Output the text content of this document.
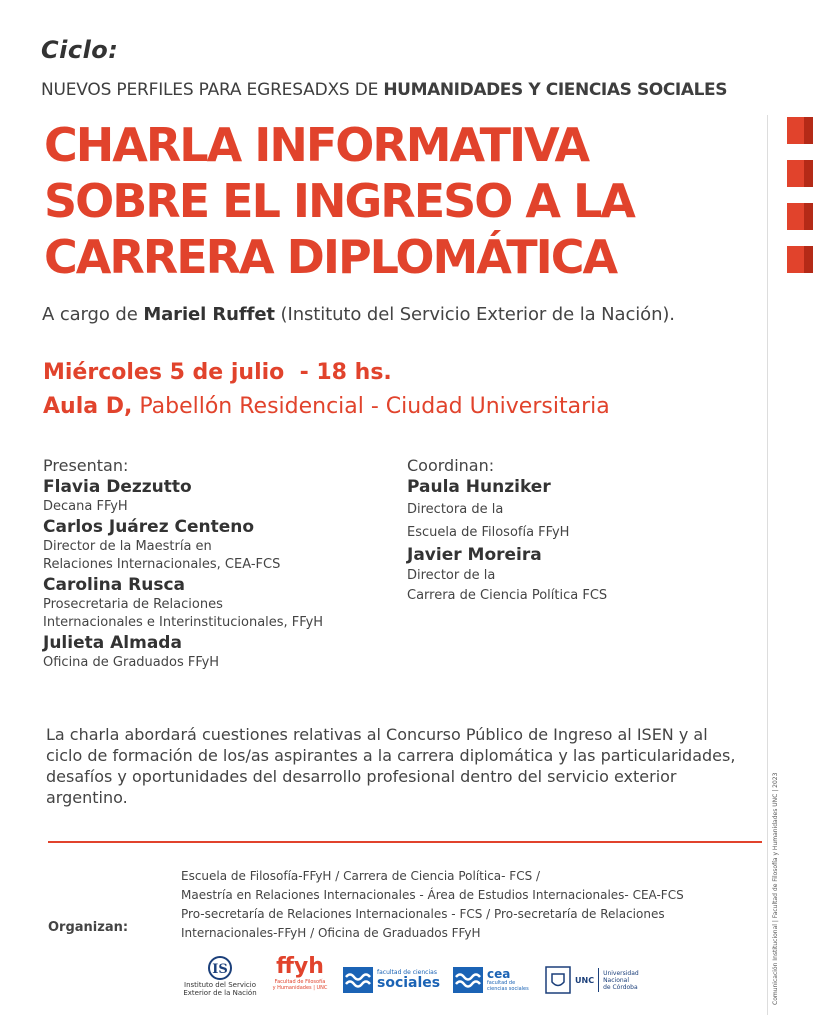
Ciclo:
NUEVOS PERFILES PARA EGRESADXS DE HUMANIDADES Y CIENCIAS SOCIALES
CHARLA INFORMATIVA
SOBRE EL INGRESO A LA
CARRERA DIPLOMÁTICA
A cargo de Mariel Ruffet (Instituto del Servicio Exterior de la Nación).
Miércoles 5 de julio  - 18 hs.
Aula D, Pabellón Residencial - Ciudad Universitaria
Presentan:
Flavia Dezzutto
Decana FFyH
Carlos Juárez Centeno
Director de la Maestría en
Relaciones Internacionales, CEA-FCS
Carolina Rusca
Prosecretaria de Relaciones
Internacionales e Interinstitucionales, FFyH
Julieta Almada
Oficina de Graduados FFyH
Coordinan:
Paula Hunziker
Directora de la
Escuela de Filosofía FFyH
Javier Moreira
Director de la
Carrera de Ciencia Política FCS
La charla abordará cuestiones relativas al Concurso Público de Ingreso al ISEN y al ciclo de formación de los/as aspirantes a la carrera diplomática y las particularidades, desafíos y oportunidades del desarrollo profesional dentro del servicio exterior argentino.
Organizan:
Escuela de Filosofía-FFyH / Carrera de Ciencia Política- FCS /
Maestría en Relaciones Internacionales - Área de Estudios Internacionales- CEA-FCS
Pro-secretaría de Relaciones Internacionales - FCS / Pro-secretaría de Relaciones
Internacionales-FFyH / Oficina de Graduados FFyH
IS
Instituto del Servicio
Exterior de la Nación
ffyh
Facultad de Filosofía
y Humanidades | UNC
facultad de ciencias
sociales
cea
facultad de
ciencias sociales
UNC
Universidad
Nacional
de Córdoba	Comunicación Institucional | Facultad de Filosofía y Humanidades UNC | 2023
